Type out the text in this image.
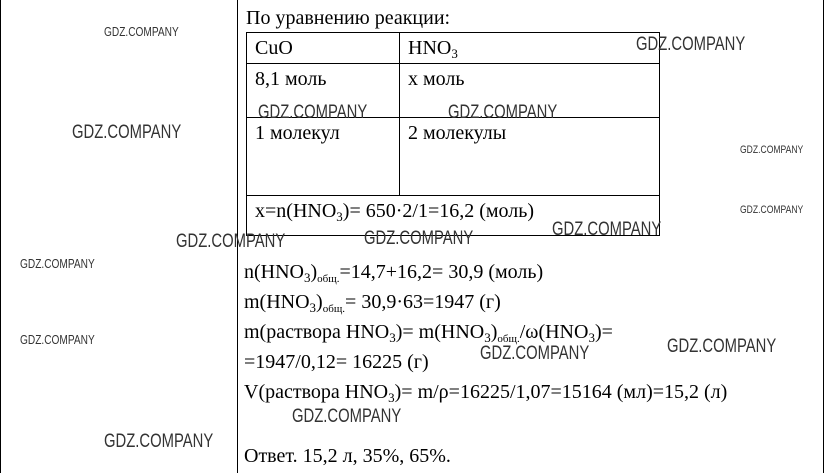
По уравнению реакции:
CuO	$HNO_3$
8,1 моль	x моль
1 молекул	2 молекулы
$x=n(HNO_3)= 650\cdot 2/1=16,2$ (моль)	
$n(HNO_3)_{общ.}=14,7+16,2= 30,9$ (моль)
$m(HNO_3)_{общ.}= 30,9\cdot 63=1947$ (г)
m(раствора $HNO_3)= m(HNO_3)_{общ.}/\omega(HNO_3)=$
=1947/0,12= 16225 (г)
V(раствора $HNO_3)= m/\rho=16225/1,07=15164$ (мл)=15,2 (л)
Ответ. 15,2 л, 35%, 65%.
GDZ.COMPANY
GDZ.COMPANY
GDZ.COMPANY
GDZ.COMPANY	GDZ.COMPANY
GDZ.COMPANY
GDZ.COMPANY
GDZ.COMPANY
GDZ.COMPANY	GDZ.COMPANY
GDZ.COMPANY
GDZ.COMPANY	GDZ.COMPANY
GDZ.COMPANY
GDZ.COMPANY
GDZ.COMPANY
